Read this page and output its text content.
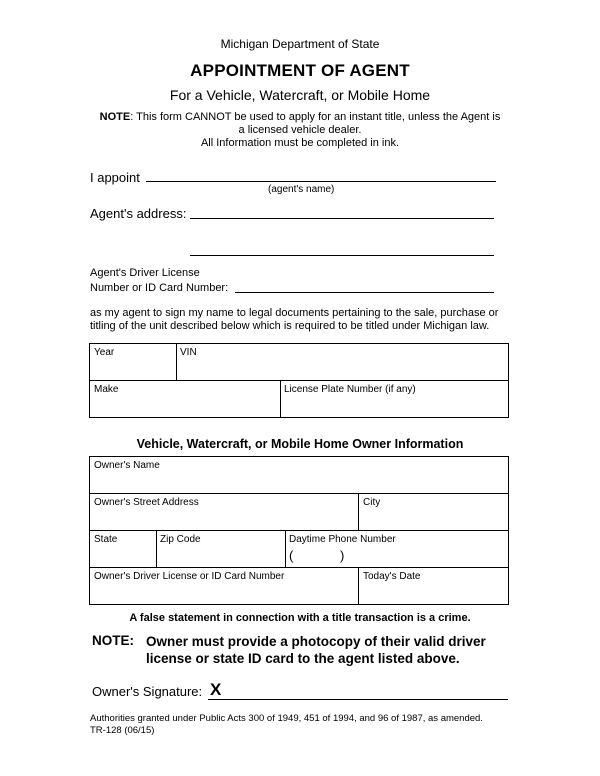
Michigan Department of State
APPOINTMENT OF AGENT
For a Vehicle, Watercraft, or Mobile Home
NOTE: This form CANNOT be used to apply for an instant title, unless the Agent is
a licensed vehicle dealer.
All Information must be completed in ink.
I appoint
(agent's name)
Agent's address:
Agent's Driver License
Number or ID Card Number:
as my agent to sign my name to legal documents pertaining to the sale, purchase or
titling of the unit described below which is required to be titled under Michigan law.
Year	VIN
Make	License Plate Number (if any)
Vehicle, Watercraft, or Mobile Home Owner Information
Owner's Name
Owner's Street Address	City
State	Zip Code	Daytime Phone Number
(	)
Owner's Driver License or ID Card Number	Today's Date
A false statement in connection with a title transaction is a crime.
NOTE: Owner must provide a photocopy of their valid driver license or state ID card to the agent listed above.
Owner's Signature: X
Authorities granted under Public Acts 300 of 1949, 451 of 1994, and 96 of 1987, as amended.
TR-128 (06/15)
